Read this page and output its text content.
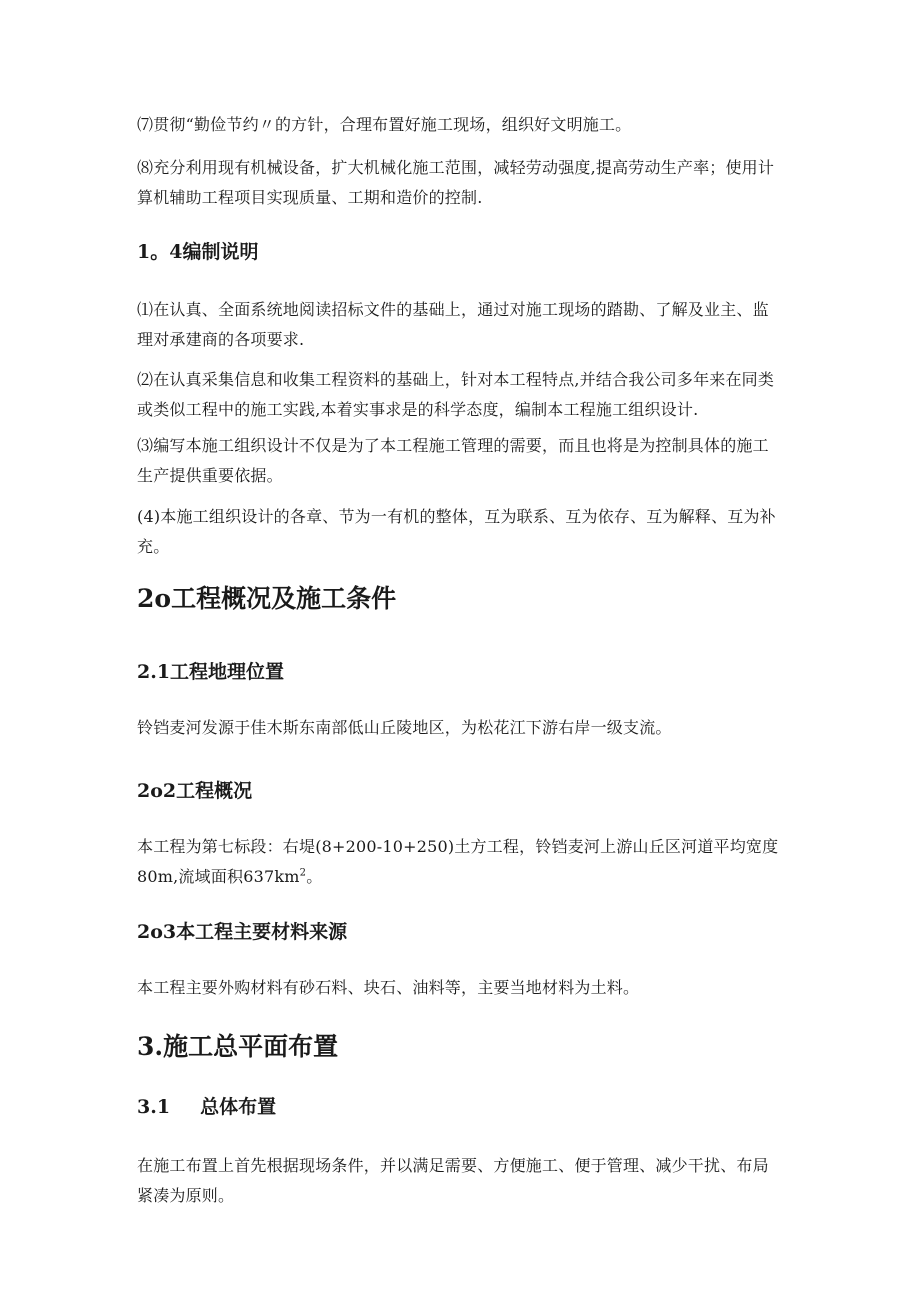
⑺贯彻“勤俭节约〃的方针，合理布置好施工现场，组织好文明施工。

⑻充分利用现有机械设备，扩大机械化施工范围，减轻劳动强度,提高劳动生产率；使用计算机辅助工程项目实现质量、工期和造价的控制.

1。4编制说明

⑴在认真、全面系统地阅读招标文件的基础上，通过对施工现场的踏勘、了解及业主、监理对承建商的各项要求.

⑵在认真采集信息和收集工程资料的基础上，针对本工程特点,并结合我公司多年来在同类或类似工程中的施工实践,本着实事求是的科学态度，编制本工程施工组织设计.

⑶编写本施工组织设计不仅是为了本工程施工管理的需要，而且也将是为控制具体的施工生产提供重要依据。

(4)本施工组织设计的各章、节为一有机的整体，互为联系、互为依存、互为解释、互为补充。

2o工程概况及施工条件
2.1工程地理位置

铃铛麦河发源于佳木斯东南部低山丘陵地区，为松花江下游右岸一级支流。

2o2工程概况

本工程为第七标段：右堤(8+200-10+250)土方工程，铃铛麦河上游山丘区河道平均宽度80m,流域面积$637km^2$。

2o3本工程主要材料来源

本工程主要外购材料有砂石料、块石、油料等，主要当地材料为土料。

3.施工总平面布置
3.1 总体布置

在施工布置上首先根据现场条件，并以满足需要、方便施工、便于管理、减少干扰、布局紧凑为原则。
